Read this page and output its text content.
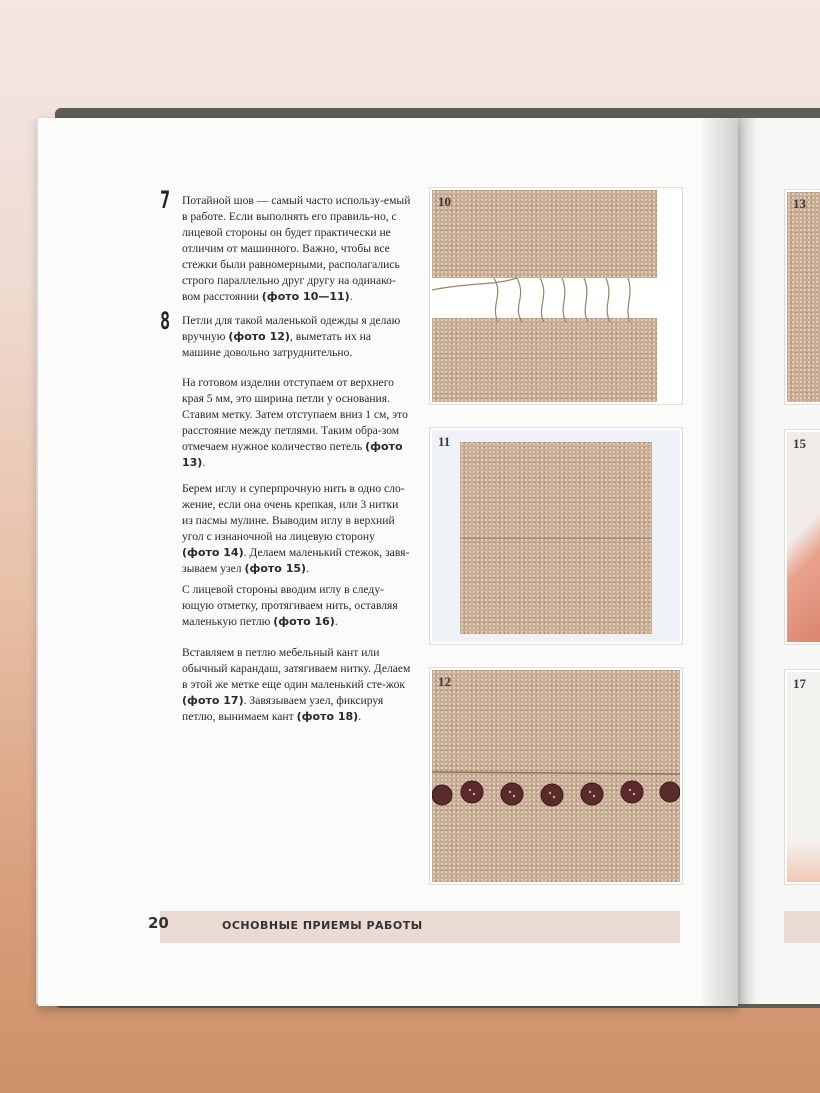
7 Потайной шов — самый часто использу-емый в работе. Если выполнять его правиль-но, с лицевой стороны он будет практически не отличим от машинного. Важно, чтобы все стежки были равномерными, располагались строго параллельно друг другу на одинако-вом расстоянии (фото 10—11).

8 Петли для такой маленькой одежды я делаю вручную (фото 12), выметать их на машине довольно затруднительно.

На готовом изделии отступаем от верхнего края 5 мм, это ширина петли у основания. Ставим метку. Затем отступаем вниз 1 см, это расстояние между петлями. Таким обра-зом отмечаем нужное количество петель (фото 13).

Берем иглу и суперпрочную нить в одно сло-жение, если она очень крепкая, или 3 нитки из пасмы мулине. Выводим иглу в верхний угол с изнаночной на лицевую сторону (фото 14). Делаем маленький стежок, завя-зываем узел (фото 15).

С лицевой стороны вводим иглу в следу-ющую отметку, протягиваем нить, оставляя маленькую петлю (фото 16).

Вставляем в петлю мебельный кант или обычный карандаш, затягиваем нитку. Делаем в этой же метке еще один маленький сте-жок (фото 17). Завязываем узел, фиксируя петлю, вынимаем кант (фото 18).

10
11
12
13
15
17
20	ОСНОВНЫЕ ПРИЕМЫ РАБОТЫ
